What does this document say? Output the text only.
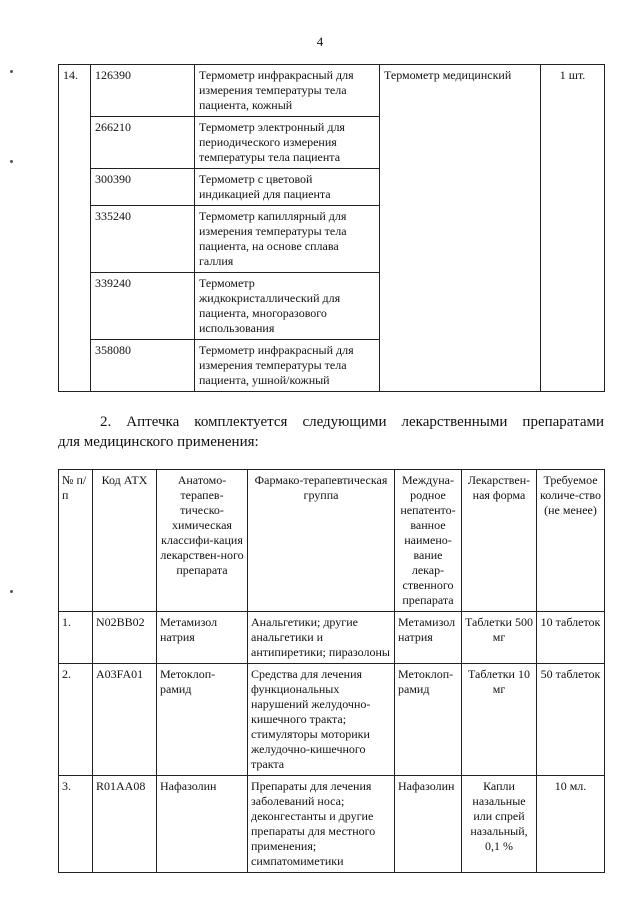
4
14.	126390	Термометр инфракрасный для измерения температуры тела пациента, кожный	Термометр медицинский	1 шт.
	266210	Термометр электронный для периодического измерения температуры тела пациента		
	300390	Термометр с цветовой индикацией для пациента		
	335240	Термометр капиллярный для измерения температуры тела пациента, на основе сплава галлия		
	339240	Термометр жидкокристаллический для пациента, многоразового использования		
	358080	Термометр инфракрасный для измерения температуры тела пациента, ушной/кожный		
2. Аптечка комплектуется следующими лекарственными препаратами
для медицинского применения:
№ п/п	Код АТХ	Анатомо-терапев-тическо-химическая классифи-кация лекарствен-ного препарата	Фармако-терапевтическая группа	Междуна-родное непатенто-ванное наимено-вание лекар-ственного препарата	Лекарствен-ная форма	Требуемое количе-ство (не менее)
1.	N02BB02	Метамизол натрия	Анальгетики; другие анальгетики и антипиретики; пиразолоны	Метамизол натрия	Таблетки 500 мг	10 таблеток
2.	A03FA01	Метоклоп-рамид	Средства для лечения функциональных нарушений желудочно-кишечного тракта; стимуляторы моторики желудочно-кишечного тракта	Метоклоп-рамид	Таблетки 10 мг	50 таблеток
3.	R01AA08	Нафазолин	Препараты для лечения заболеваний носа; деконгестанты и другие препараты для местного применения; симпатомиметики	Нафазолин	Капли назальные или спрей назальный, 0,1 %	10 мл.
